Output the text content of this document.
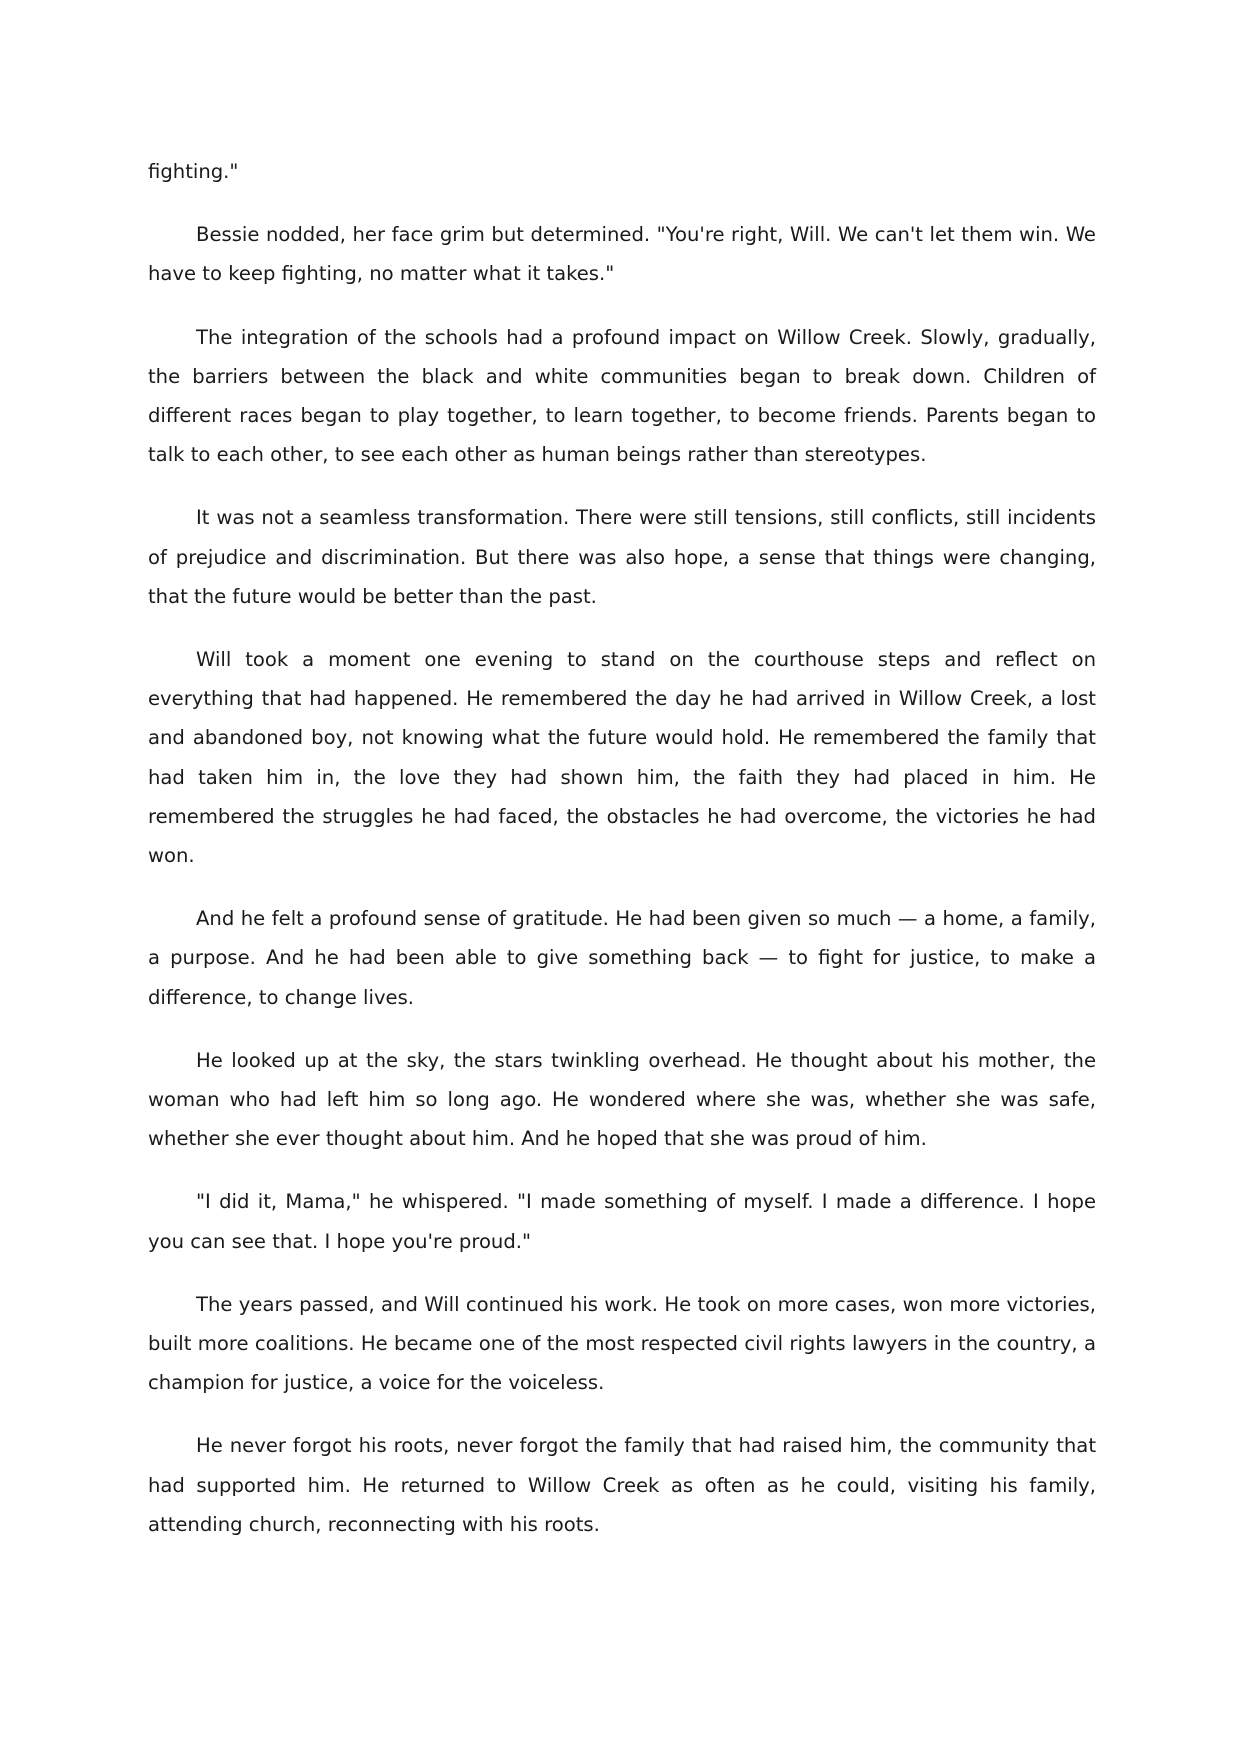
fighting."

Bessie nodded, her face grim but determined. "You're right, Will. We can't let them win. We have to keep fighting, no matter what it takes."

The integration of the schools had a profound impact on Willow Creek. Slowly, gradually, the barriers between the black and white communities began to break down. Children of different races began to play together, to learn together, to become friends. Parents began to talk to each other, to see each other as human beings rather than stereotypes.

It was not a seamless transformation. There were still tensions, still conflicts, still incidents of prejudice and discrimination. But there was also hope, a sense that things were changing, that the future would be better than the past.

Will took a moment one evening to stand on the courthouse steps and reflect on everything that had happened. He remembered the day he had arrived in Willow Creek, a lost and abandoned boy, not knowing what the future would hold. He remembered the family that had taken him in, the love they had shown him, the faith they had placed in him. He remembered the struggles he had faced, the obstacles he had overcome, the victories he had won.

And he felt a profound sense of gratitude. He had been given so much — a home, a family, a purpose. And he had been able to give something back — to fight for justice, to make a difference, to change lives.

He looked up at the sky, the stars twinkling overhead. He thought about his mother, the woman who had left him so long ago. He wondered where she was, whether she was safe, whether she ever thought about him. And he hoped that she was proud of him.

"I did it, Mama," he whispered. "I made something of myself. I made a difference. I hope you can see that. I hope you're proud."

The years passed, and Will continued his work. He took on more cases, won more victories, built more coalitions. He became one of the most respected civil rights lawyers in the country, a champion for justice, a voice for the voiceless.

He never forgot his roots, never forgot the family that had raised him, the community that had supported him. He returned to Willow Creek as often as he could, visiting his family, attending church, reconnecting with his roots.
